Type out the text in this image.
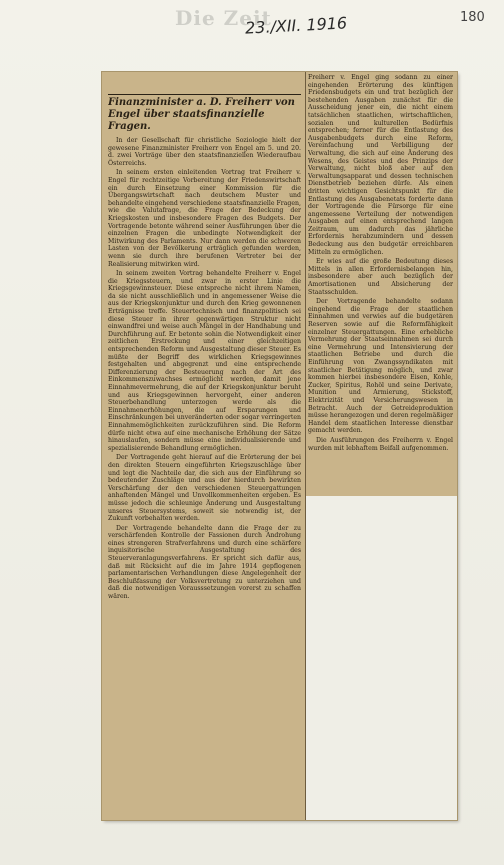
Die Zeit
23./XII. 1916	180
Finanzminister a. D. Freiherr von Engel über staatsfinanzielle Fragen.

In der Gesellschaft für christliche Soziologie hielt der gewesene Finanzminister Freiherr von Engel am 5. und 20. d. zwei Vorträge über den staatsfinanziellen Wiederaufbau Österreichs.

In seinem ersten einleitenden Vortrag trat Freiherr v. Engel für rechtzeitige Vorbereitung der Friedenswirtschaft ein durch Einsetzung einer Kommission für die Übergangswirtschaft nach deutschem Muster und behandelte eingehend verschiedene staatsfinanzielle Fragen, wie die Valutafrage, die Frage der Bedeckung der Kriegskosten und insbesondere Fragen des Budgets. Der Vortragende betonte während seiner Ausführungen über die einzelnen Fragen die unbedingte Notwendigkeit der Mitwirkung des Parlaments. Nur dann werden die schweren Lasten von der Bevölkerung erträglich gefunden werden, wenn sie durch ihre berufenen Vertreter bei der Realisierung mitwirken wird.

In seinem zweiten Vortrag behandelte Freiherr v. Engel die Kriegssteuern, und zwar in erster Linie die Kriegsgewinnsteuer. Diese entspreche nicht ihrem Namen, da sie nicht ausschließlich und in angemessener Weise die aus der Kriegskonjunktur und durch den Krieg gewonnenen Erträgnisse treffe. Steuertechnisch und finanzpolitisch sei diese Steuer in ihrer gegenwärtigen Struktur nicht einwandfrei und weise auch Mängel in der Handhabung und Durchführung auf. Er betonte sohin die Notwendigkeit einer zeitlichen Erstreckung und einer gleichzeitigen entsprechenden Reform und Ausgestaltung dieser Steuer. Es müßte der Begriff des wirklichen Kriegsgewinnes festgehalten und abgegrenzt und eine entsprechende Differenzierung der Besteuerung nach der Art des Einkommenszuwachses ermöglicht werden, damit jene Einnahmevermehrung, die auf der Kriegskonjunktur beruht und aus Kriegsgewinnen hervorgeht, einer anderen Steuerbehandlung unterzogen werde als die Einnahmenerhöhungen, die auf Ersparungen und Einschränkungen bei unveränderten oder sogar verringerten Einnahmemöglichkeiten zurückzuführen sind. Die Reform dürfe nicht etwa auf eine mechanische Erhöhung der Sätze hinauslaufen, sondern müsse eine individualisierende und spezialisierende Behandlung ermöglichen.

Der Vortragende geht hierauf auf die Erörterung der bei den direkten Steuern eingeführten Kriegszuschläge über und legt die Nachteile dar, die sich aus der Einführung so bedeutender Zuschläge und aus der hierdurch bewirkten Verschärfung der den verschiedenen Steuergattungen anhaftenden Mängel und Unvollkommenheiten ergeben. Es müsse jedoch die schleunige Änderung und Ausgestaltung unseres Steuersystems, soweit sie notwendig ist, der Zukunft vorbehalten werden.

Der Vortragende behandelte dann die Frage der zu verschärfenden Kontrolle der Fassionen durch Androhung eines strengeren Strafverfahrens und durch eine schärfere inquisitorische Ausgestaltung des Steuerveranlagungsverfahrens. Er spricht sich dafür aus, daß mit Rücksicht auf die im Jahre 1914 gepflogenen parlamentarischen Verhandlungen diese Angelegenheit der Beschlußfassung der Volksvertretung zu unterziehen und daß die notwendigen Vorausssetzungen vorerst zu schaffen wären.

Freiherr v. Engel ging sodann zu einer eingehenden Erörterung des künftigen Friedensbudgets ein und trat bezüglich der bestehenden Ausgaben zunächst für die Ausscheidung jener ein, die nicht einem tatsächlichen staatlichen, wirtschaftlichen, sozialen und kulturellen Bedürfnis entsprechen; ferner für die Entlastung des Ausgabenbudgets durch eine Reform, Vereinfachung und Verbilligung der Verwaltung, die sich auf eine Änderung des Wesens, des Geistes und des Prinzips der Verwaltung, nicht bloß aber auf den Verwaltungsapparat und dessen technischen Dienstbetrieb beziehen dürfe. Als einen dritten wichtigen Gesichtspunkt für die Entlastung des Ausgabenetats forderte dann der Vortragende die Fürsorge für eine angemessene Verteilung der notwendigen Ausgaben auf einen entsprechend langen Zeitraum, um dadurch das jährliche Erfordernis herabzumindern und dessen Bedeckung aus den budgetär erreichbaren Mitteln zu ermöglichen.

Er wies auf die große Bedeutung dieses Mittels in allen Erfordernisbelangen hin, insbesondere aber auch bezüglich der Amortisationen und Absicherung der Staatsschulden.

Der Vortragende behandelte sodann eingehend die Frage der staatlichen Einnahmen und verwies auf die budgetären Reserven sowie auf die Reformfähigkeit einzelner Steuergattungen. Eine erhebliche Vermehrung der Staatseinnahmen sei durch eine Vermehrung und Intensivierung der staatlichen Betriebe und durch die Einführung von Zwangssyndikaten mit staatlicher Betätigung möglich, und zwar kommen hierbei insbesondere Eisen, Kohle, Zucker, Spiritus, Rohöl und seine Derivate, Munition und Armierung, Stickstoff, Elektrizität und Versicherungswesen in Betracht. Auch der Getreideproduktion müsse herangezogen und deren regelmäßiger Handel dem staatlichen Interesse dienstbar gemacht werden.

Die Ausführungen des Freiherrn v. Engel wurden mit lebhaftem Beifall aufgenommen.
